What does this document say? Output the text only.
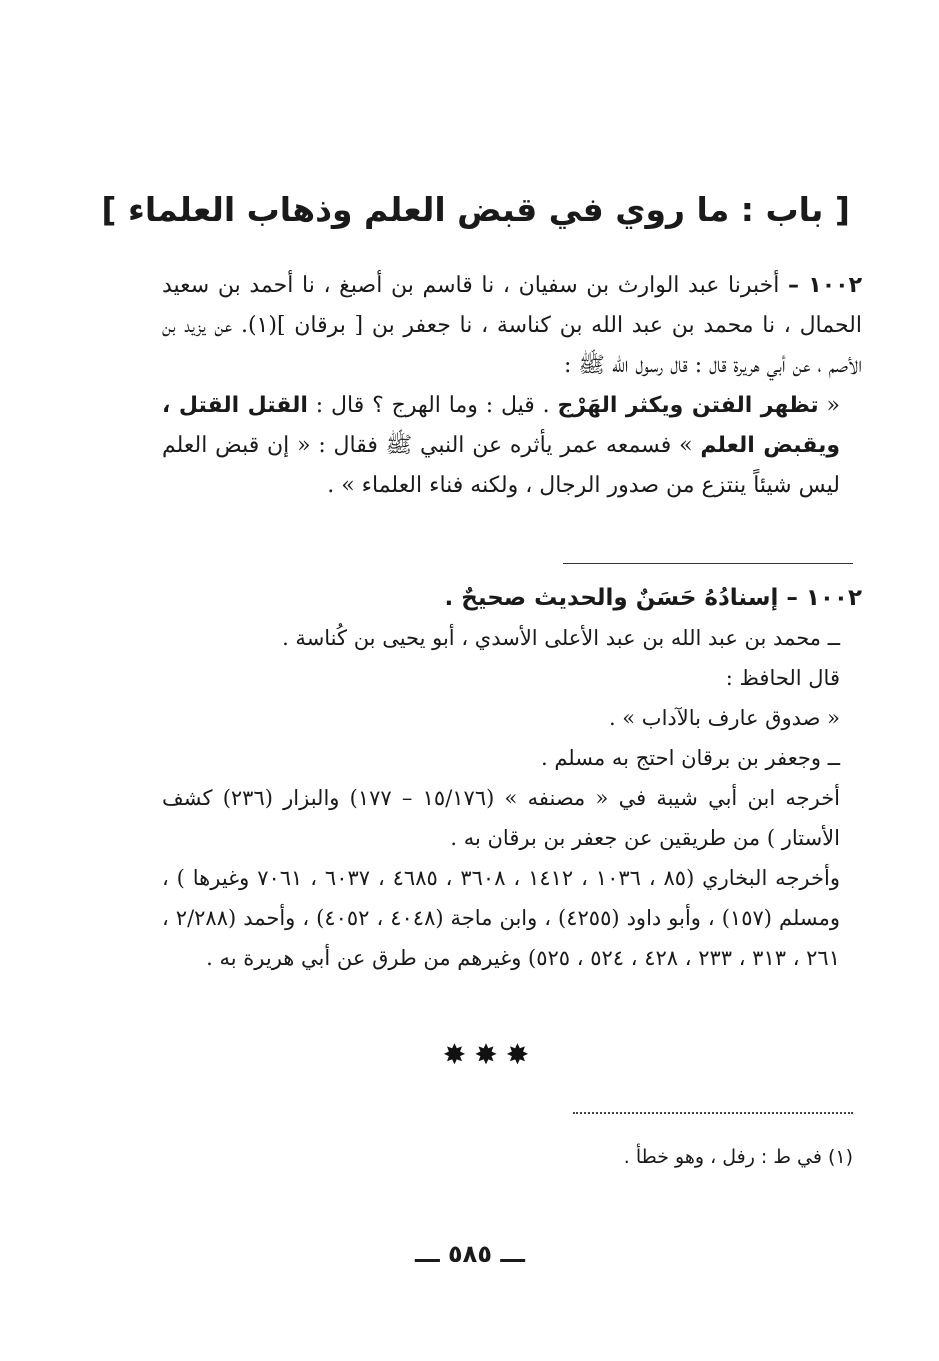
[ باب : ما روي في قبض العلم وذهاب العلماء ]

١٠٠٢ – أخبرنا عبد الوارث بن سفيان ، نا قاسم بن أصبغ ، نا أحمد بن سعيد الحمال ، نا محمد بن عبد الله بن كناسة ، نا جعفر بن [ برقان ](١). عن يزيد بن الأصم ، عن أبي هريرة قال : قال رسول الله ﷺ :

« تظهر الفتن ويكثر الهَرْج . قيل : وما الهرج ؟ قال : القتل القتل ، ويقبض العلم » فسمعه عمر يأثره عن النبي ﷺ فقال : « إن قبض العلم ليس شيئاً ينتزع من صدور الرجال ، ولكنه فناء العلماء » .

١٠٠٢ – إسنادُهُ حَسَنٌ والحديث صحيحٌ .

ــ محمد بن عبد الله بن عبد الأعلى الأسدي ، أبو يحيى بن كُناسة .

قال الحافظ :

« صدوق عارف بالآداب » .

ــ وجعفر بن برقان احتج به مسلم .

أخرجه ابن أبي شيبة في « مصنفه » (١٥/١٧٦ – ١٧٧) والبزار (٢٣٦) كشف الأستار ) من طريقين عن جعفر بن برقان به .

وأخرجه البخاري (٨٥ ، ١٠٣٦ ، ١٤١٢ ، ٣٦٠٨ ، ٤٦٨٥ ، ٦٠٣٧ ، ٧٠٦١ وغيرها ) ، ومسلم (١٥٧) ، وأبو داود (٤٢٥٥) ، وابن ماجة (٤٠٤٨ ، ٤٠٥٢) ، وأحمد (٢/٢٨٨ ، ٢٦١ ، ٣١٣ ، ٢٣٣ ، ٤٢٨ ، ٥٢٤ ، ٥٢٥) وغيرهم من طرق عن أبي هريرة به .

✸✸✸
(١) في ط : رفل ، وهو خطأ .
ـــ ٥٨٥ ـــ
